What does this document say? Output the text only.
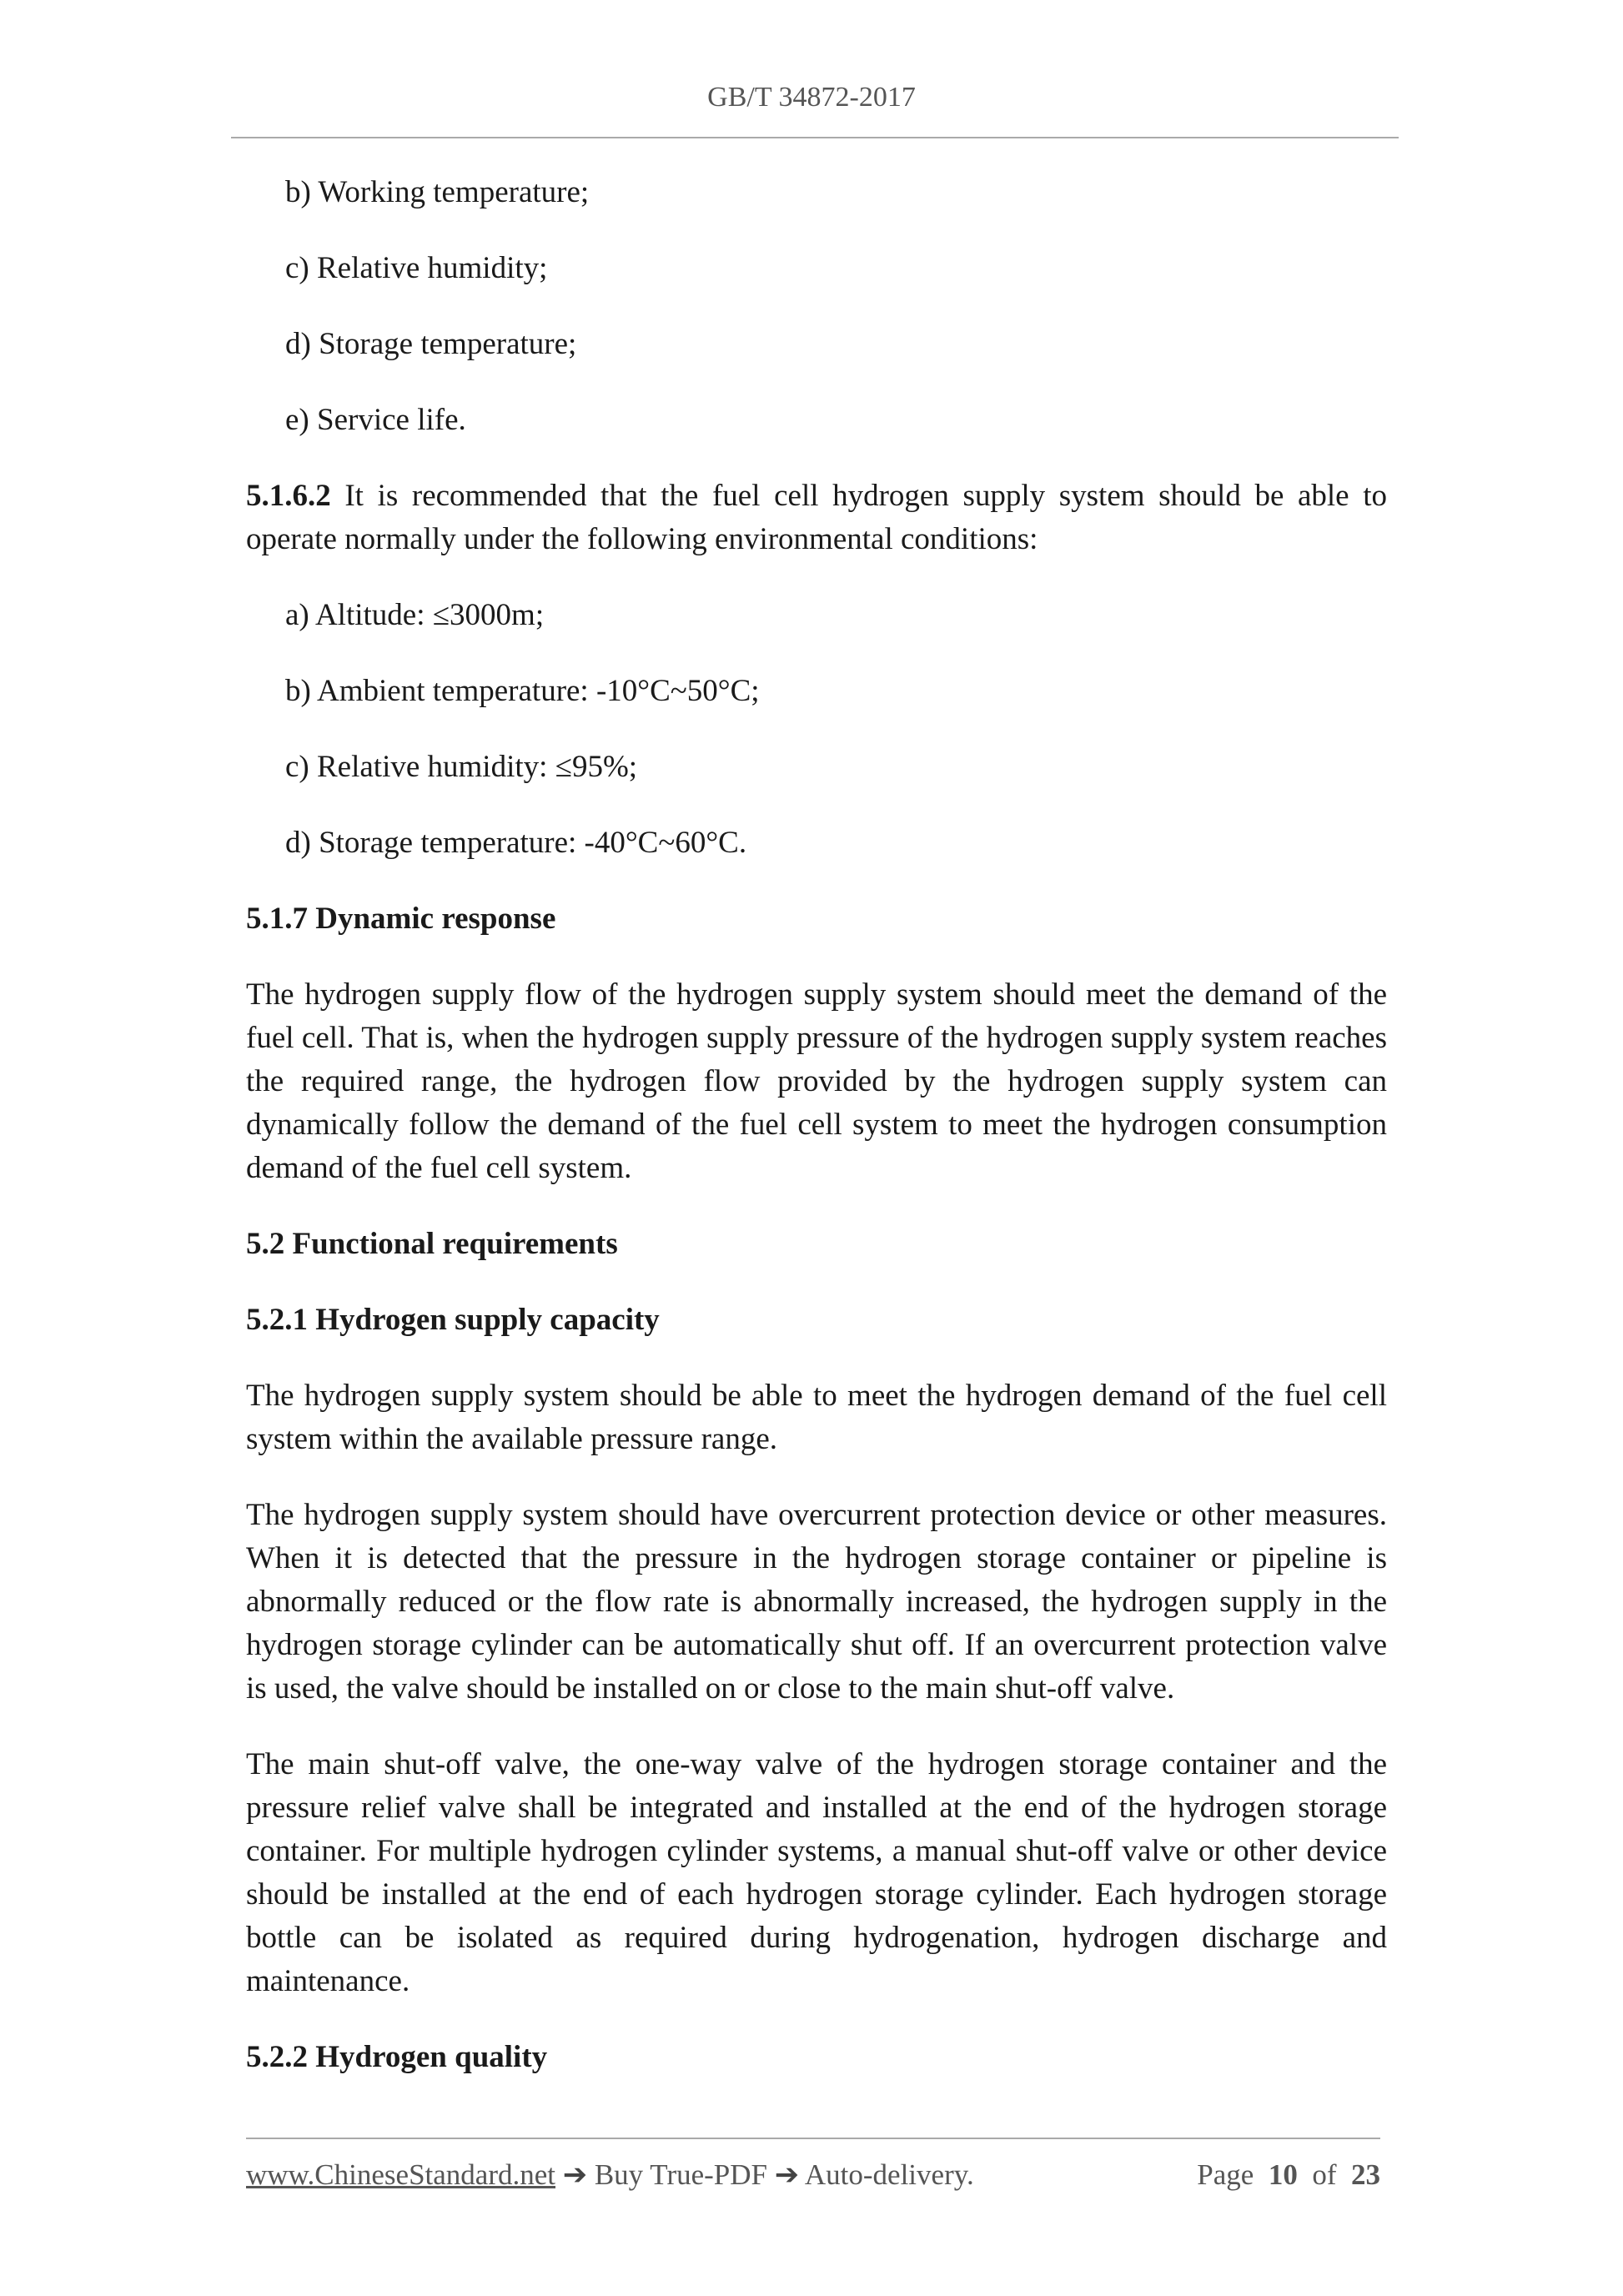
GB/T 34872-2017

b) Working temperature;

c) Relative humidity;

d) Storage temperature;

e) Service life.

5.1.6.2 It is recommended that the fuel cell hydrogen supply system should be able to operate normally under the following environmental conditions:

a) Altitude: ≤3000m;

b) Ambient temperature: -10°C~50°C;

c) Relative humidity: ≤95%;

d) Storage temperature: -40°C~60°C.

5.1.7 Dynamic response

The hydrogen supply flow of the hydrogen supply system should meet the demand of the fuel cell. That is, when the hydrogen supply pressure of the hydrogen supply system reaches the required range, the hydrogen flow provided by the hydrogen supply system can dynamically follow the demand of the fuel cell system to meet the hydrogen consumption demand of the fuel cell system.

5.2 Functional requirements

5.2.1 Hydrogen supply capacity

The hydrogen supply system should be able to meet the hydrogen demand of the fuel cell system within the available pressure range.

The hydrogen supply system should have overcurrent protection device or other measures. When it is detected that the pressure in the hydrogen storage container or pipeline is abnormally reduced or the flow rate is abnormally increased, the hydrogen supply in the hydrogen storage cylinder can be automatically shut off. If an overcurrent protection valve is used, the valve should be installed on or close to the main shut-off valve.

The main shut-off valve, the one-way valve of the hydrogen storage container and the pressure relief valve shall be integrated and installed at the end of the hydrogen storage container. For multiple hydrogen cylinder systems, a manual shut-off valve or other device should be installed at the end of each hydrogen storage cylinder. Each hydrogen storage bottle can be isolated as required during hydrogenation, hydrogen discharge and maintenance.

5.2.2 Hydrogen quality

www.ChineseStandard.net ➔ Buy True-PDF ➔ Auto-delivery.	Page 10 of 23
